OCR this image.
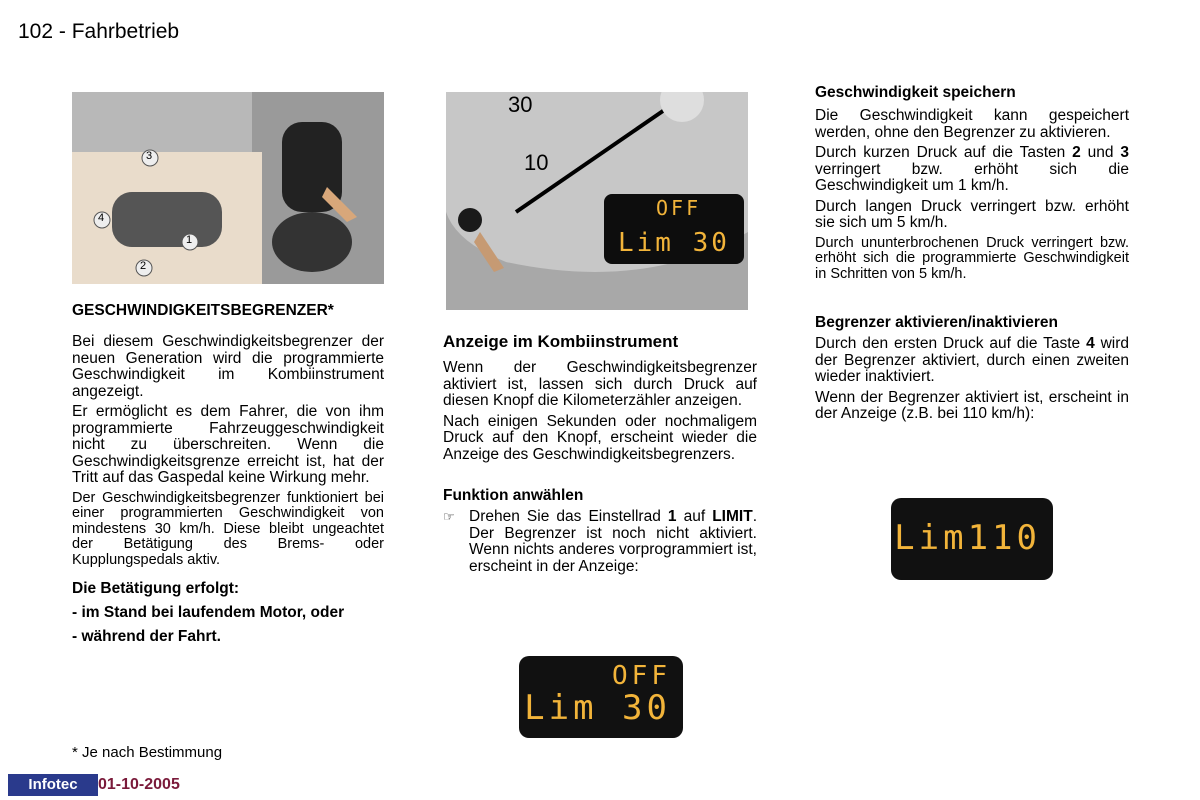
102 - Fahrbetrieb
3
4
1
2
GESCHWINDIGKEITSBEGRENZER*

Bei diesem Geschwindigkeitsbegrenzer der neuen Generation wird die programmierte Geschwindigkeit im Kombiinstrument angezeigt.

Er ermöglicht es dem Fahrer, die von ihm programmierte Fahrzeuggeschwindigkeit nicht zu überschreiten. Wenn die Geschwindigkeitsgrenze erreicht ist, hat der Tritt auf das Gaspedal keine Wirkung mehr.

Der Geschwindigkeitsbegrenzer funktioniert bei einer programmierten Geschwindigkeit von mindestens 30 km/h. Diese bleibt ungeachtet der Betätigung des Brems- oder Kupplungspedals aktiv.

Die Betätigung erfolgt:
- im Stand bei laufendem Motor, oder
- während der Fahrt.
* Je nach Bestimmung
30
10
OFF
Lim 30
Anzeige im Kombiinstrument

Wenn der Geschwindigkeitsbegrenzer aktiviert ist, lassen sich durch Druck auf diesen Knopf die Kilometerzähler anzeigen.

Nach einigen Sekunden oder nochmaligem Druck auf den Knopf, erscheint wieder die Anzeige des Geschwindigkeitsbegrenzers.

Funktion anwählen
☞ Drehen Sie das Einstellrad 1 auf LIMIT. Der Begrenzer ist noch nicht aktiviert. Wenn nichts anderes vorprogrammiert ist, erscheint in der Anzeige:

OFF
Lim 30
Geschwindigkeit speichern

Die Geschwindigkeit kann gespeichert werden, ohne den Begrenzer zu aktivieren.

Durch kurzen Druck auf die Tasten 2 und 3 verringert bzw. erhöht sich die Geschwindigkeit um 1 km/h.

Durch langen Druck verringert bzw. erhöht sie sich um 5 km/h.

Durch ununterbrochenen Druck verringert bzw. erhöht sich die programmierte Geschwindigkeit in Schritten von 5 km/h.

Begrenzer aktivieren/inaktivieren

Durch den ersten Druck auf die Taste 4 wird der Begrenzer aktiviert, durch einen zweiten wieder inaktiviert.

Wenn der Begrenzer aktiviert ist, erscheint in der Anzeige (z.B. bei 110 km/h):

Lim110
Infotec	01-10-2005
